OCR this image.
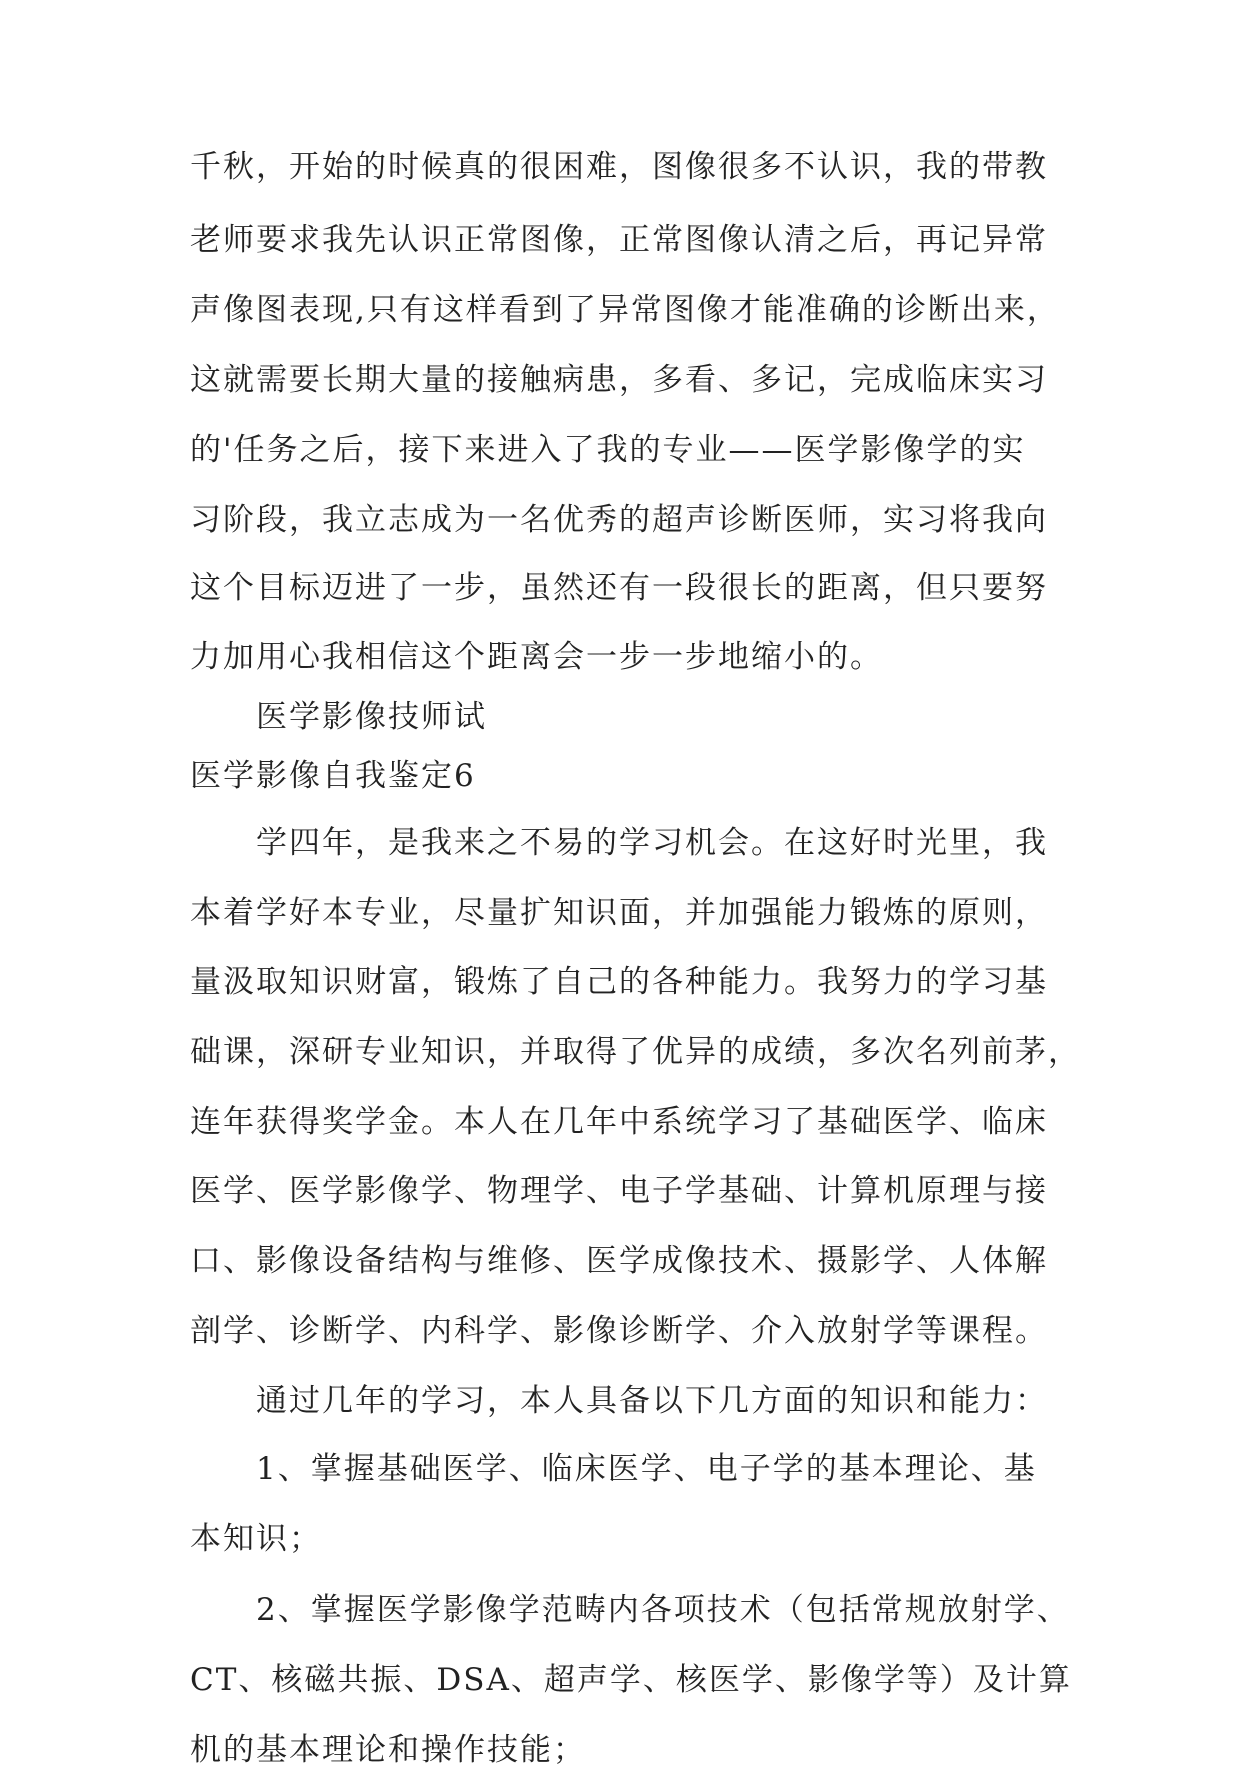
千秋，开始的时候真的很困难，图像很多不认识，我的带教
老师要求我先认识正常图像，正常图像认清之后，再记异常
声像图表现,只有这样看到了异常图像才能准确的诊断出来，
这就需要长期大量的接触病患，多看、多记，完成临床实习
的'任务之后，接下来进入了我的专业——医学影像学的实
习阶段，我立志成为一名优秀的超声诊断医师，实习将我向
这个目标迈进了一步，虽然还有一段很长的距离，但只要努
力加用心我相信这个距离会一步一步地缩小的。
医学影像技师试
医学影像自我鉴定6
学四年，是我来之不易的学习机会。在这好时光里，我
本着学好本专业，尽量扩知识面，并加强能力锻炼的原则，
量汲取知识财富，锻炼了自己的各种能力。我努力的学习基
础课，深研专业知识，并取得了优异的成绩，多次名列前茅，
连年获得奖学金。本人在几年中系统学习了基础医学、临床
医学、医学影像学、物理学、电子学基础、计算机原理与接
口、影像设备结构与维修、医学成像技术、摄影学、人体解
剖学、诊断学、内科学、影像诊断学、介入放射学等课程。
通过几年的学习，本人具备以下几方面的知识和能力：
1、掌握基础医学、临床医学、电子学的基本理论、基
本知识；
2、掌握医学影像学范畴内各项技术（包括常规放射学、
CT、核磁共振、DSA、超声学、核医学、影像学等）及计算
机的基本理论和操作技能；
